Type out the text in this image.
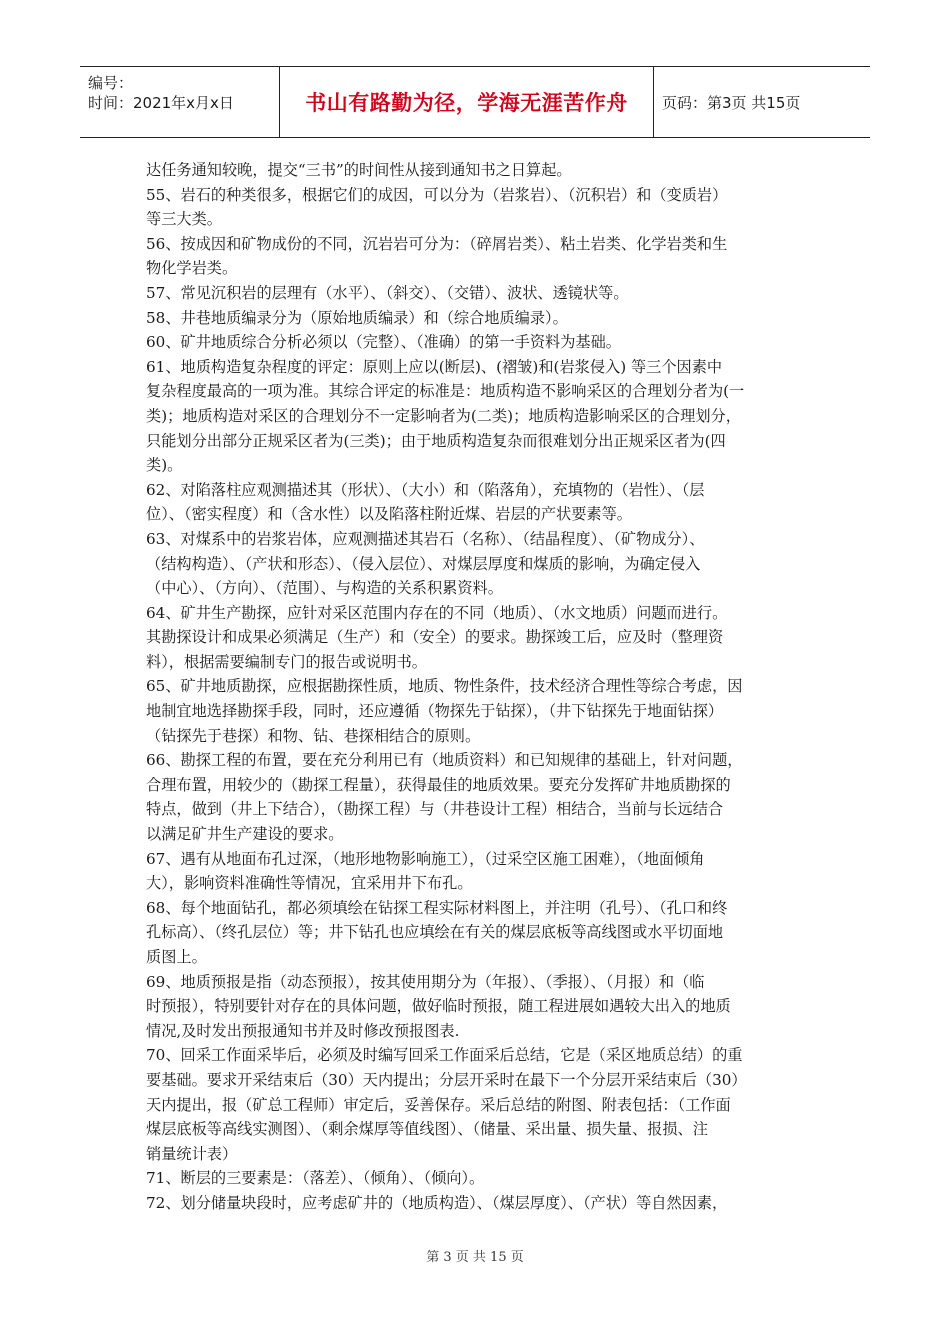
编号：
时间：2021年x月x日	书山有路勤为径，学海无涯苦作舟 页码：第3页 共15页
达任务通知较晚，提交“三书”的时间性从接到通知书之日算起。
55、岩石的种类很多，根据它们的成因，可以分为（岩浆岩）、（沉积岩）和（变质岩）
等三大类。
56、按成因和矿物成份的不同，沉岩岩可分为：（碎屑岩类）、粘土岩类、化学岩类和生
物化学岩类。
57、常见沉积岩的层理有（水平）、（斜交）、（交错）、波状、透镜状等。
58、井巷地质编录分为（原始地质编录）和（综合地质编录）。
60、矿井地质综合分析必须以（完整）、（准确）的第一手资料为基础。
61、地质构造复杂程度的评定：原则上应以(断层)、(褶皱)和(岩浆侵入) 等三个因素中
复杂程度最高的一项为准。其综合评定的标准是：地质构造不影响采区的合理划分者为(一
类)；地质构造对采区的合理划分不一定影响者为(二类)；地质构造影响采区的合理划分，
只能划分出部分正规采区者为(三类)；由于地质构造复杂而很难划分出正规采区者为(四
类)。
62、对陷落柱应观测描述其（形状）、（大小）和（陷落角），充填物的（岩性）、（层
位）、（密实程度）和（含水性）以及陷落柱附近煤、岩层的产状要素等。
63、对煤系中的岩浆岩体，应观测描述其岩石（名称）、（结晶程度）、（矿物成分）、
（结构构造）、（产状和形态）、（侵入层位）、对煤层厚度和煤质的影响，为确定侵入
（中心）、（方向）、（范围）、与构造的关系积累资料。
64、矿井生产勘探，应针对采区范围内存在的不同（地质）、（水文地质）问题而进行。
其勘探设计和成果必须满足（生产）和（安全）的要求。勘探竣工后，应及时（整理资
料），根据需要编制专门的报告或说明书。
65、矿井地质勘探，应根据勘探性质，地质、物性条件，技术经济合理性等综合考虑，因
地制宜地选择勘探手段，同时，还应遵循（物探先于钻探），（井下钻探先于地面钻探）
（钻探先于巷探）和物、钻、巷探相结合的原则。
66、勘探工程的布置，要在充分利用已有（地质资料）和已知规律的基础上，针对问题，
合理布置，用较少的（勘探工程量），获得最佳的地质效果。要充分发挥矿井地质勘探的
特点，做到（井上下结合），（勘探工程）与（井巷设计工程）相结合，当前与长远结合
以满足矿井生产建设的要求。
67、遇有从地面布孔过深，（地形地物影响施工），（过采空区施工困难），（地面倾角
大），影响资料准确性等情况，宜采用井下布孔。
68、每个地面钻孔，都必须填绘在钻探工程实际材料图上，并注明（孔号）、（孔口和终
孔标高）、（终孔层位）等；井下钻孔也应填绘在有关的煤层底板等高线图或水平切面地
质图上。
69、地质预报是指（动态预报），按其使用期分为（年报）、（季报）、（月报）和（临
时预报），特别要针对存在的具体问题，做好临时预报，随工程进展如遇较大出入的地质
情况,及时发出预报通知书并及时修改预报图表.
70、回采工作面采毕后，必须及时编写回采工作面采后总结，它是（采区地质总结）的重
要基础。要求开采结束后（30）天内提出；分层开采时在最下一个分层开采结束后（30）
天内提出，报（矿总工程师）审定后，妥善保存。采后总结的附图、附表包括：（工作面
煤层底板等高线实测图）、（剩余煤厚等值线图）、（储量、采出量、损失量、报损、注
销量统计表）
71、断层的三要素是：（落差）、（倾角）、（倾向）。
72、划分储量块段时，应考虑矿井的（地质构造）、（煤层厚度）、（产状）等自然因素，
第 3 页 共 15 页
